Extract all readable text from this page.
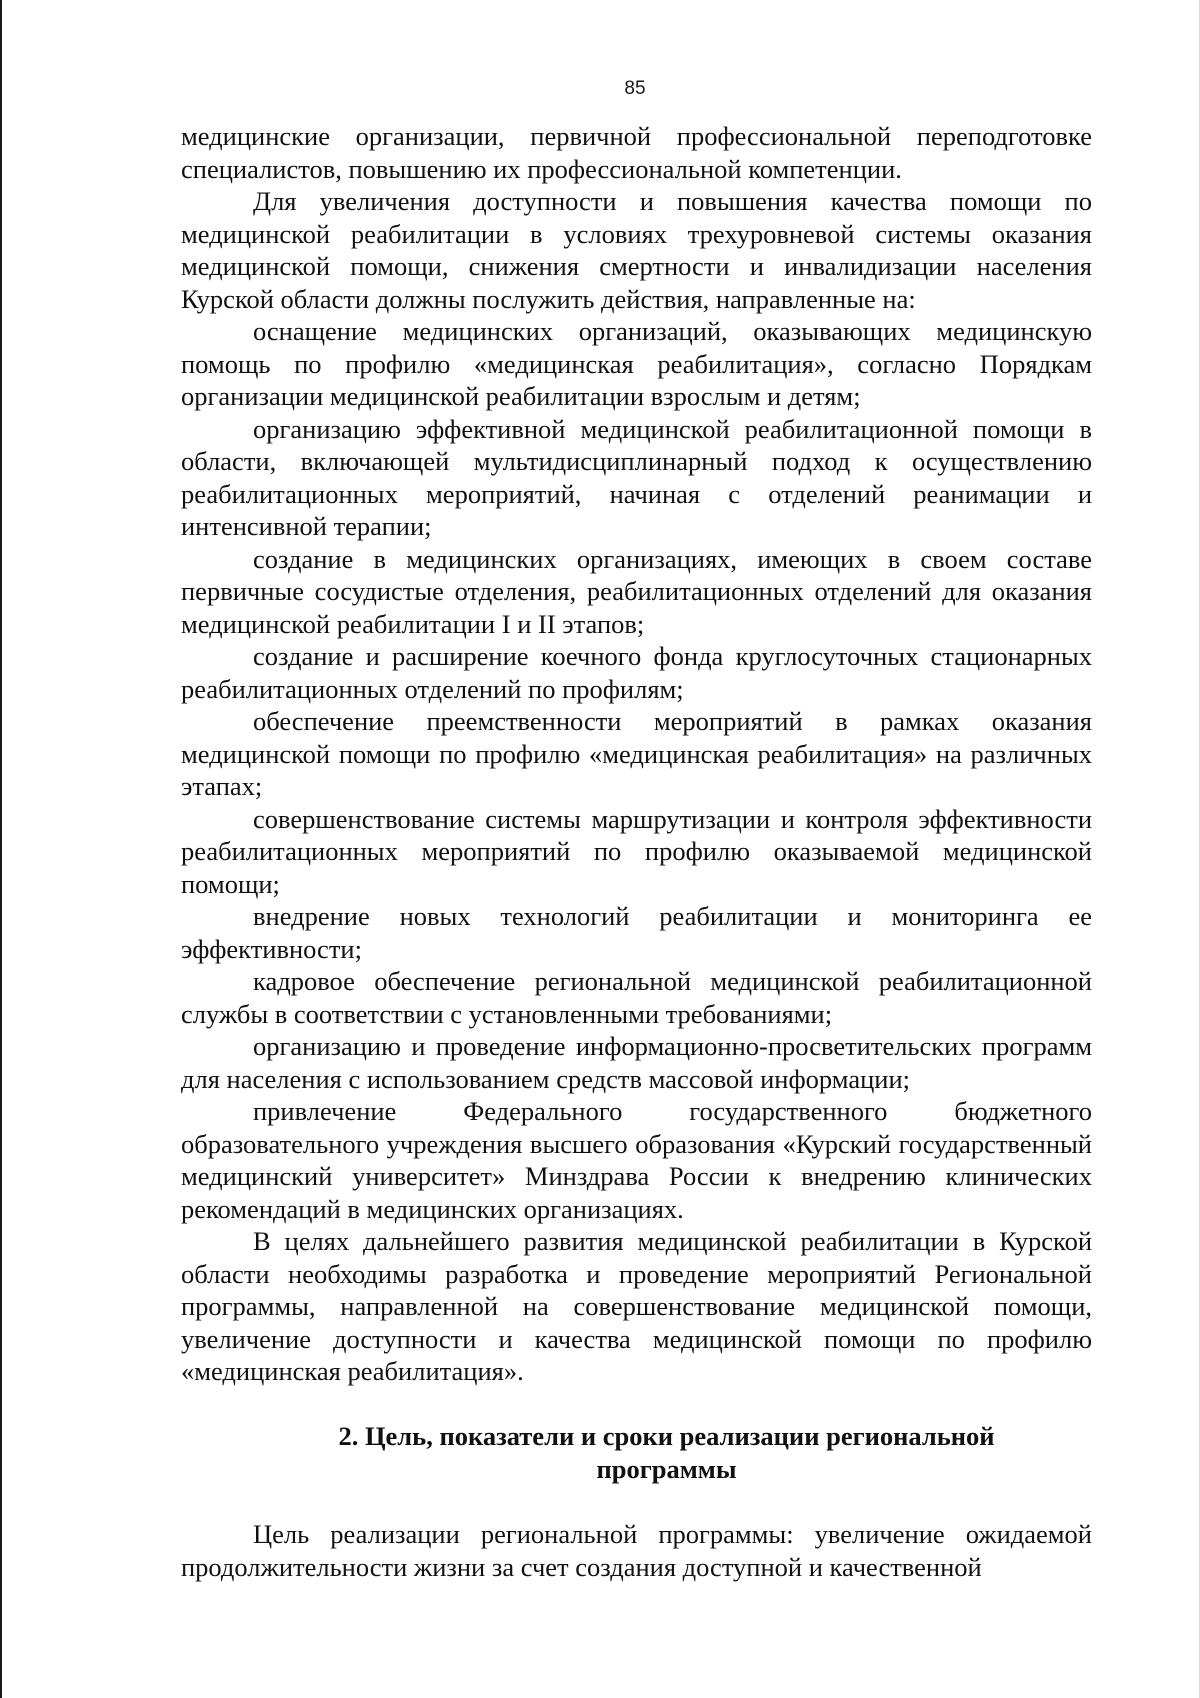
85

медицинские организации, первичной профессиональной переподготовке специалистов, повышению их профессиональной компетенции.

Для увеличения доступности и повышения качества помощи по медицинской реабилитации в условиях трехуровневой системы оказания медицинской помощи, снижения смертности и инвалидизации населения Курской области должны послужить действия, направленные на:

оснащение медицинских организаций, оказывающих медицинскую помощь по профилю «медицинская реабилитация», согласно Порядкам организации медицинской реабилитации взрослым и детям;

организацию эффективной медицинской реабилитационной помощи в области, включающей мультидисциплинарный подход к осуществлению реабилитационных мероприятий, начиная с отделений реанимации и интенсивной терапии;

создание в медицинских организациях, имеющих в своем составе первичные сосудистые отделения, реабилитационных отделений для оказания медицинской реабилитации I и II этапов;

создание и расширение коечного фонда круглосуточных стационарных реабилитационных отделений по профилям;

обеспечение преемственности мероприятий в рамках оказания медицинской помощи по профилю «медицинская реабилитация» на различных этапах;

совершенствование системы маршрутизации и контроля эффективности реабилитационных мероприятий по профилю оказываемой медицинской помощи;

внедрение новых технологий реабилитации и мониторинга ее эффективности;

кадровое обеспечение региональной медицинской реабилитационной службы в соответствии с установленными требованиями;

организацию и проведение информационно-просветительских программ для населения с использованием средств массовой информации;

привлечение Федерального государственного бюджетного образовательного учреждения высшего образования «Курский государственный медицинский университет» Минздрава России к внедрению клинических рекомендаций в медицинских организациях.

В целях дальнейшего развития медицинской реабилитации в Курской области необходимы разработка и проведение мероприятий Региональной программы, направленной на совершенствование медицинской помощи, увеличение доступности и качества медицинской помощи по профилю «медицинская реабилитация».

2. Цель, показатели и сроки реализации региональной
программы

Цель реализации региональной программы: увеличение ожидаемой продолжительности жизни за счет создания доступной и качественной
